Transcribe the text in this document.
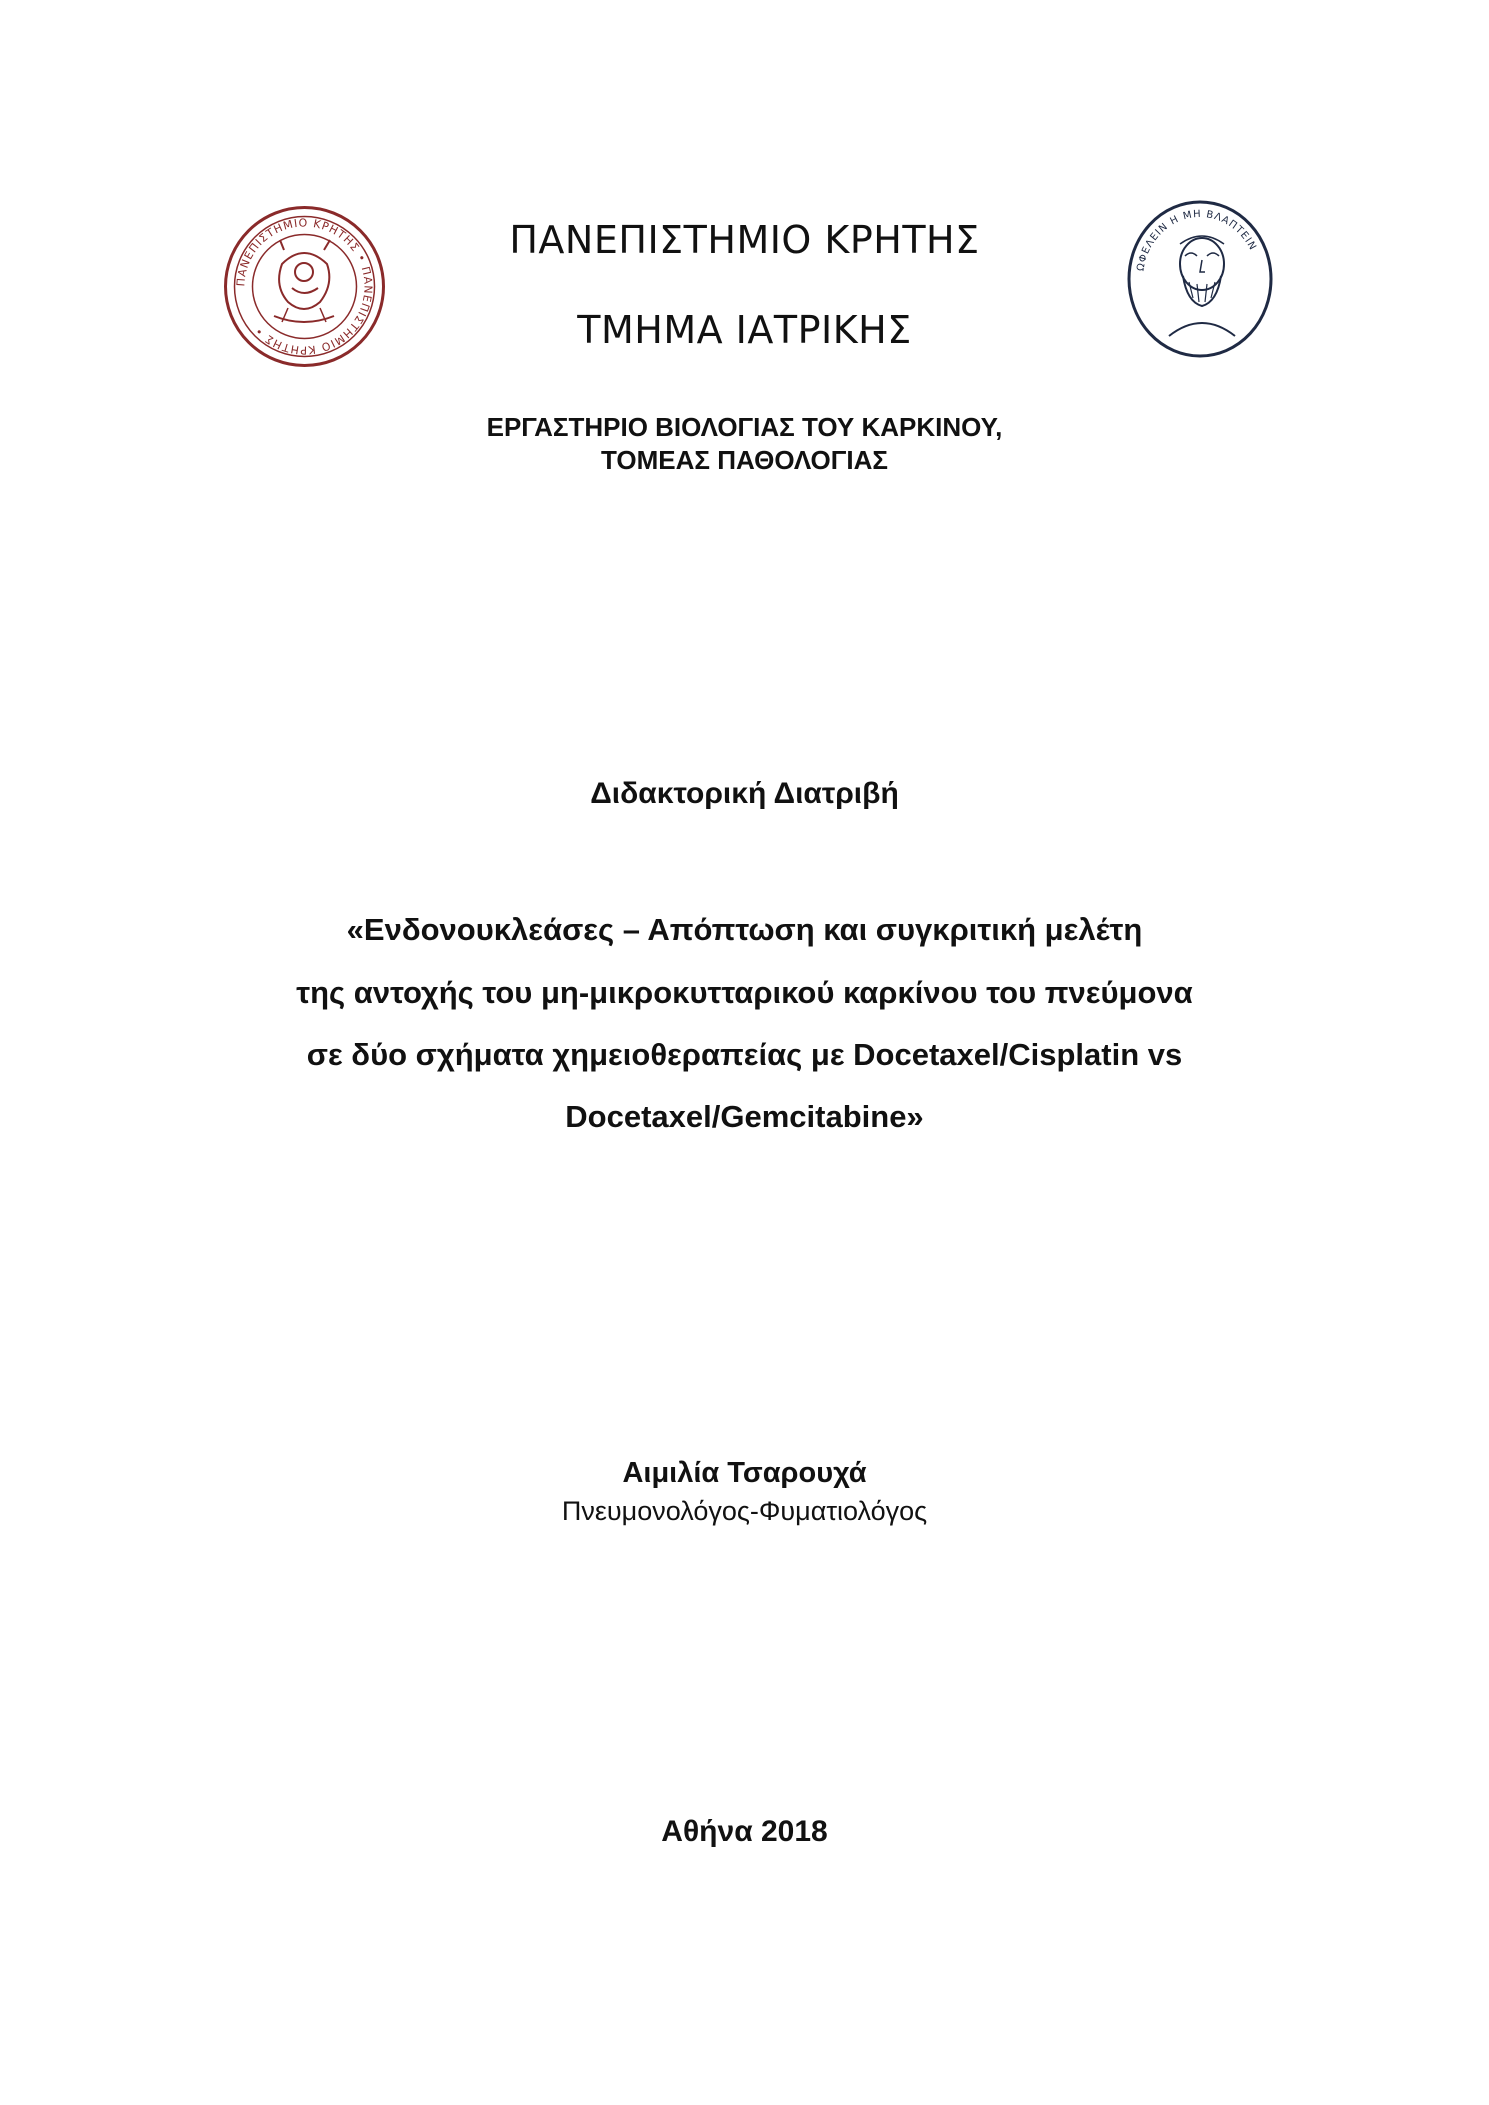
ΠΑΝΕΠΙΣΤΗΜΙΟ ΚΡΗΤΗΣ • ΠΑΝΕΠΙΣΤΗΜΙΟ ΚΡΗΤΗΣ •
ΩΦΕΛΕΙΝ Η ΜΗ ΒΛΑΠΤΕΙΝ
ΠΑΝΕΠΙΣΤΗΜΙΟ ΚΡΗΤΗΣ
ΤΜΗΜΑ ΙΑΤΡΙΚΗΣ
ΕΡΓΑΣΤΗΡΙΟ ΒΙΟΛΟΓΙΑΣ ΤΟΥ ΚΑΡΚΙΝΟΥ,
ΤΟΜΕΑΣ ΠΑΘΟΛΟΓΙΑΣ
Διδακτορική Διατριβή
«Ενδονουκλεάσες – Απόπτωση και συγκριτική μελέτη
της αντοχής του μη-μικροκυτταρικού καρκίνου του πνεύμονα
σε δύο σχήματα χημειοθεραπείας με Docetaxel/Cisplatin vs
Docetaxel/Gemcitabine»
Αιμιλία Τσαρουχά
Πνευμονολόγος-Φυματιολόγος
Αθήνα 2018
